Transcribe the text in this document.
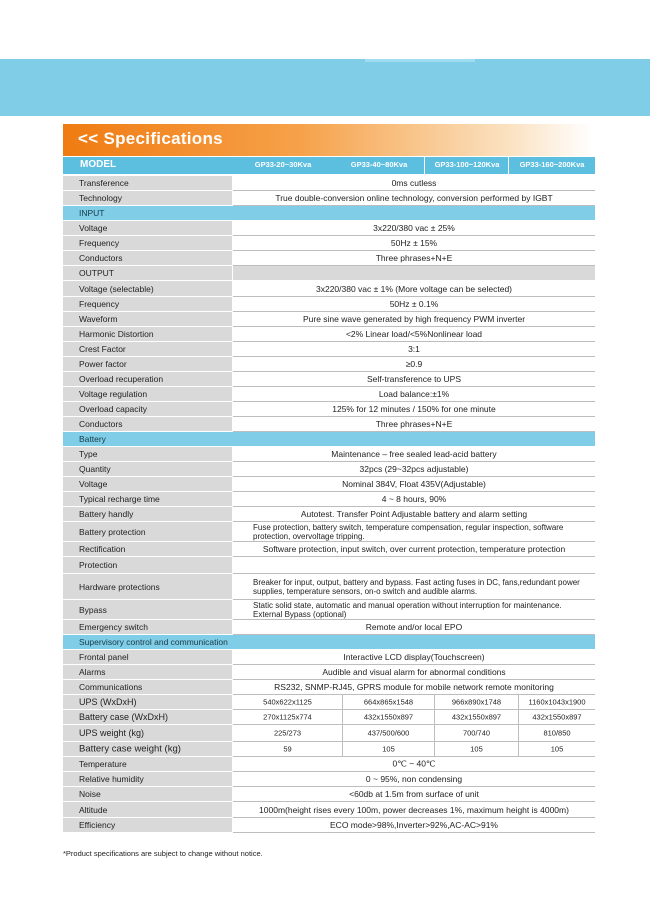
<< Specifications
MODEL	GP33-20~30Kva	GP33-40~80Kva	GP33-100~120Kva	GP33-160~200Kva
Transference	0ms cutless
Technology	True double-conversion online technology, conversion performed by IGBT
INPUT
Voltage	3x220/380 vac ± 25%
Frequency	50Hz ± 15%
Conductors	Three phrases+N+E
OUTPUT
Voltage (selectable)	3x220/380 vac ± 1% (More voltage can be selected)
Frequency	50Hz ± 0.1%
Waveform	Pure sine wave generated by high frequency PWM inverter
Harmonic Distortion	<2% Linear load/<5%Nonlinear load
Crest Factor	3:1
Power factor	≥0.9
Overload recuperation	Self-transference to UPS
Voltage regulation	Load balance:±1%
Overload capacity	125% for 12 minutes / 150% for one minute
Conductors	Three phrases+N+E
Battery
Type	Maintenance – free sealed lead-acid battery
Quantity	32pcs (29~32pcs adjustable)
Voltage	Nominal 384V, Float 435V(Adjustable)
Typical recharge time	4 ~ 8 hours, 90%
Battery handly	Autotest. Transfer Point Adjustable battery and alarm setting
Battery protection	Fuse protection, battery switch, temperature compensation, regular inspection, software protection, overvoltage tripping.
Rectification	Software protection, input switch, over current protection, temperature protection
Protection
Hardware protections	Breaker for input, output, battery and bypass. Fast acting fuses in DC, fans,redundant power supplies, temperature sensors, on-o switch and audible alarms.
Bypass	Static solid state, automatic and manual operation without interruption for maintenance. External Bypass (optional)
Emergency switch	Remote and/or local EPO
Supervisory control and communication
Frontal panel	Interactive LCD display(Touchscreen)
Alarms	Audible and visual alarm for abnormal conditions
Communications	RS232, SNMP-RJ45, GPRS module for mobile network remote monitoring
UPS (WxDxH)	540x622x1125	664x865x1548	966x890x1748	1160x1043x1900
Battery case (WxDxH)	270x1125x774	432x1550x897	432x1550x897	432x1550x897
UPS weight (kg)	225/273	437/500/600	700/740	810/850
Battery case weight (kg)	59	105	105	105
Temperature	0℃ ~ 40℃
Relative humidity	0 ~ 95%, non condensing
Noise	<60db at 1.5m from surface of unit
Altitude	1000m(height rises every 100m, power decreases 1%, maximum height is 4000m)
Efficiency	ECO mode>98%,Inverter>92%,AC-AC>91%
*Product specifications are subject to change without notice.
